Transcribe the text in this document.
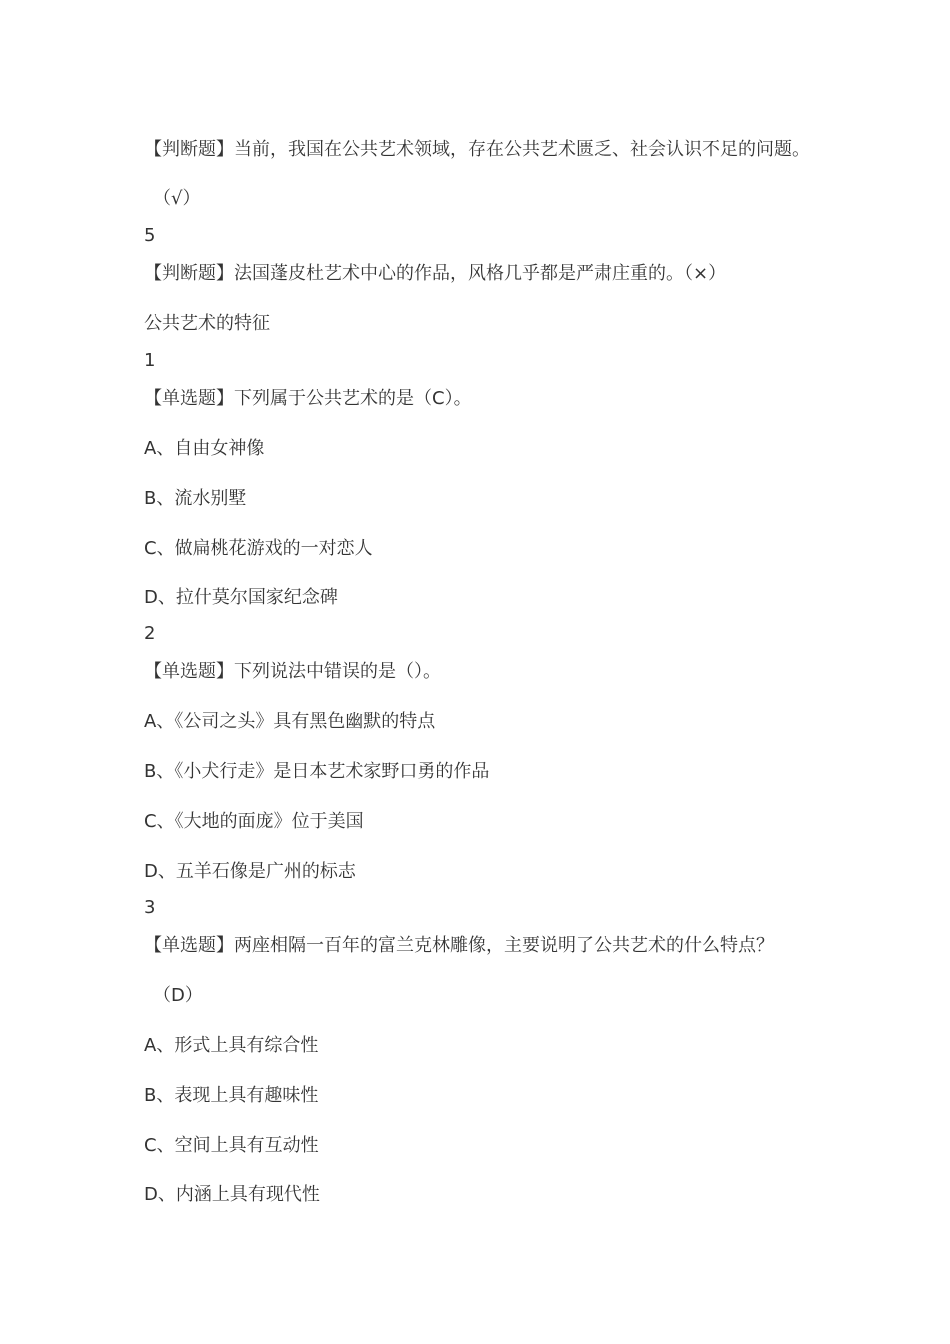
【判断题】当前，我国在公共艺术领域，存在公共艺术匮乏、社会认识不足的问题。
（√）
5
【判断题】法国蓬皮杜艺术中心的作品，风格几乎都是严肃庄重的。（×）
公共艺术的特征
1
【单选题】下列属于公共艺术的是（C）。
A、自由女神像
B、流水别墅
C、做扁桃花游戏的一对恋人
D、拉什莫尔国家纪念碑
2
【单选题】下列说法中错误的是（）。
A、《公司之头》具有黑色幽默的特点
B、《小犬行走》是日本艺术家野口勇的作品
C、《大地的面庞》位于美国
D、五羊石像是广州的标志
3
【单选题】两座相隔一百年的富兰克林雕像，主要说明了公共艺术的什么特点？
（D）
A、形式上具有综合性
B、表现上具有趣味性
C、空间上具有互动性
D、内涵上具有现代性
